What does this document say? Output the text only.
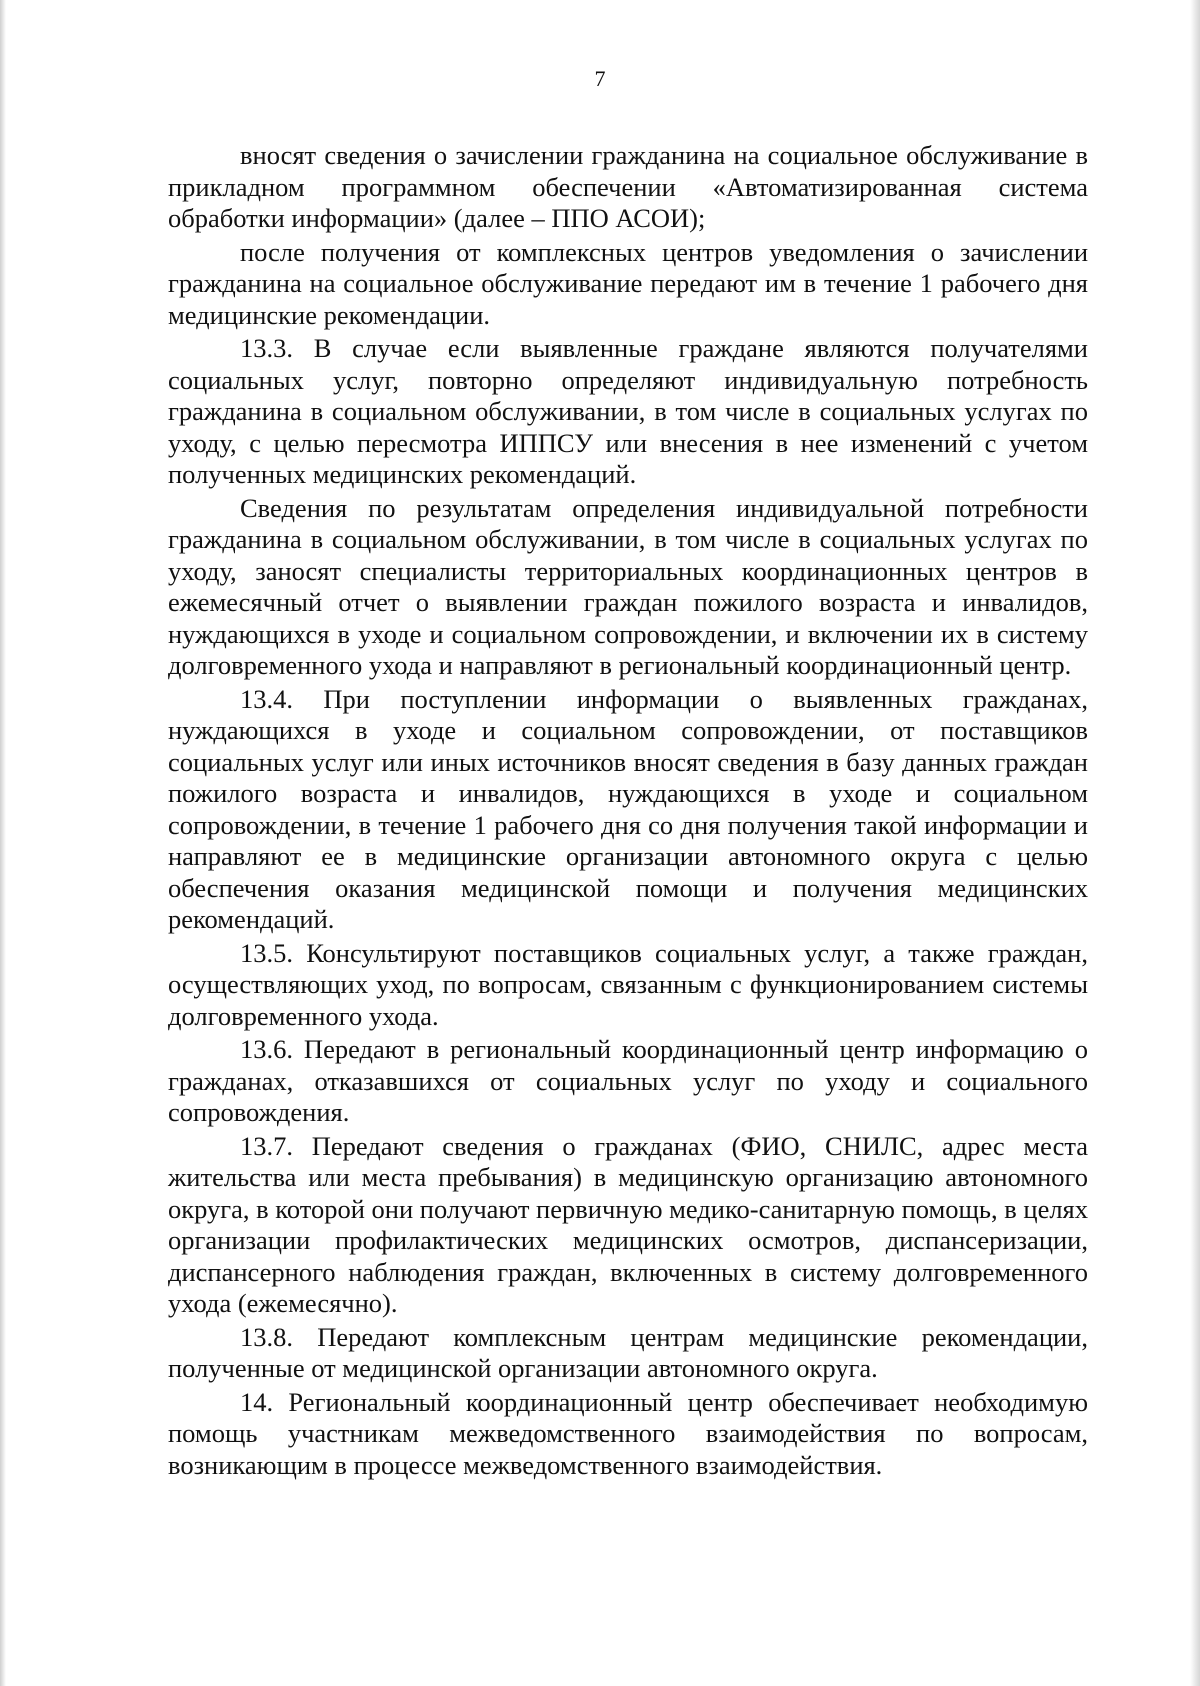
7

вносят сведения о зачислении гражданина на социальное обслуживание в прикладном программном обеспечении «Автоматизированная система обработки информации» (далее – ППО АСОИ);

после получения от комплексных центров уведомления о зачислении гражданина на социальное обслуживание передают им в течение 1 рабочего дня медицинские рекомендации.

13.3. В случае если выявленные граждане являются получателями социальных услуг, повторно определяют индивидуальную потребность гражданина в социальном обслуживании, в том числе в социальных услугах по уходу, с целью пересмотра ИППСУ или внесения в нее изменений с учетом полученных медицинских рекомендаций.

Сведения по результатам определения индивидуальной потребности гражданина в социальном обслуживании, в том числе в социальных услугах по уходу, заносят специалисты территориальных координационных центров в ежемесячный отчет о выявлении граждан пожилого возраста и инвалидов, нуждающихся в уходе и социальном сопровождении, и включении их в систему долговременного ухода и направляют в региональный координационный центр.

13.4. При поступлении информации о выявленных гражданах, нуждающихся в уходе и социальном сопровождении, от поставщиков социальных услуг или иных источников вносят сведения в базу данных граждан пожилого возраста и инвалидов, нуждающихся в уходе и социальном сопровождении, в течение 1 рабочего дня со дня получения такой информации и направляют ее в медицинские организации автономного округа с целью обеспечения оказания медицинской помощи и получения медицинских рекомендаций.

13.5. Консультируют поставщиков социальных услуг, а также граждан, осуществляющих уход, по вопросам, связанным с функционированием системы долговременного ухода.

13.6. Передают в региональный координационный центр информацию о гражданах, отказавшихся от социальных услуг по уходу и социального сопровождения.

13.7. Передают сведения о гражданах (ФИО, СНИЛС, адрес места жительства или места пребывания) в медицинскую организацию автономного округа, в которой они получают первичную медико-санитарную помощь, в целях организации профилактических медицинских осмотров, диспансеризации, диспансерного наблюдения граждан, включенных в систему долговременного ухода (ежемесячно).

13.8. Передают комплексным центрам медицинские рекомендации, полученные от медицинской организации автономного округа.

14. Региональный координационный центр обеспечивает необходимую помощь участникам межведомственного взаимодействия по вопросам, возникающим в процессе межведомственного взаимодействия.
